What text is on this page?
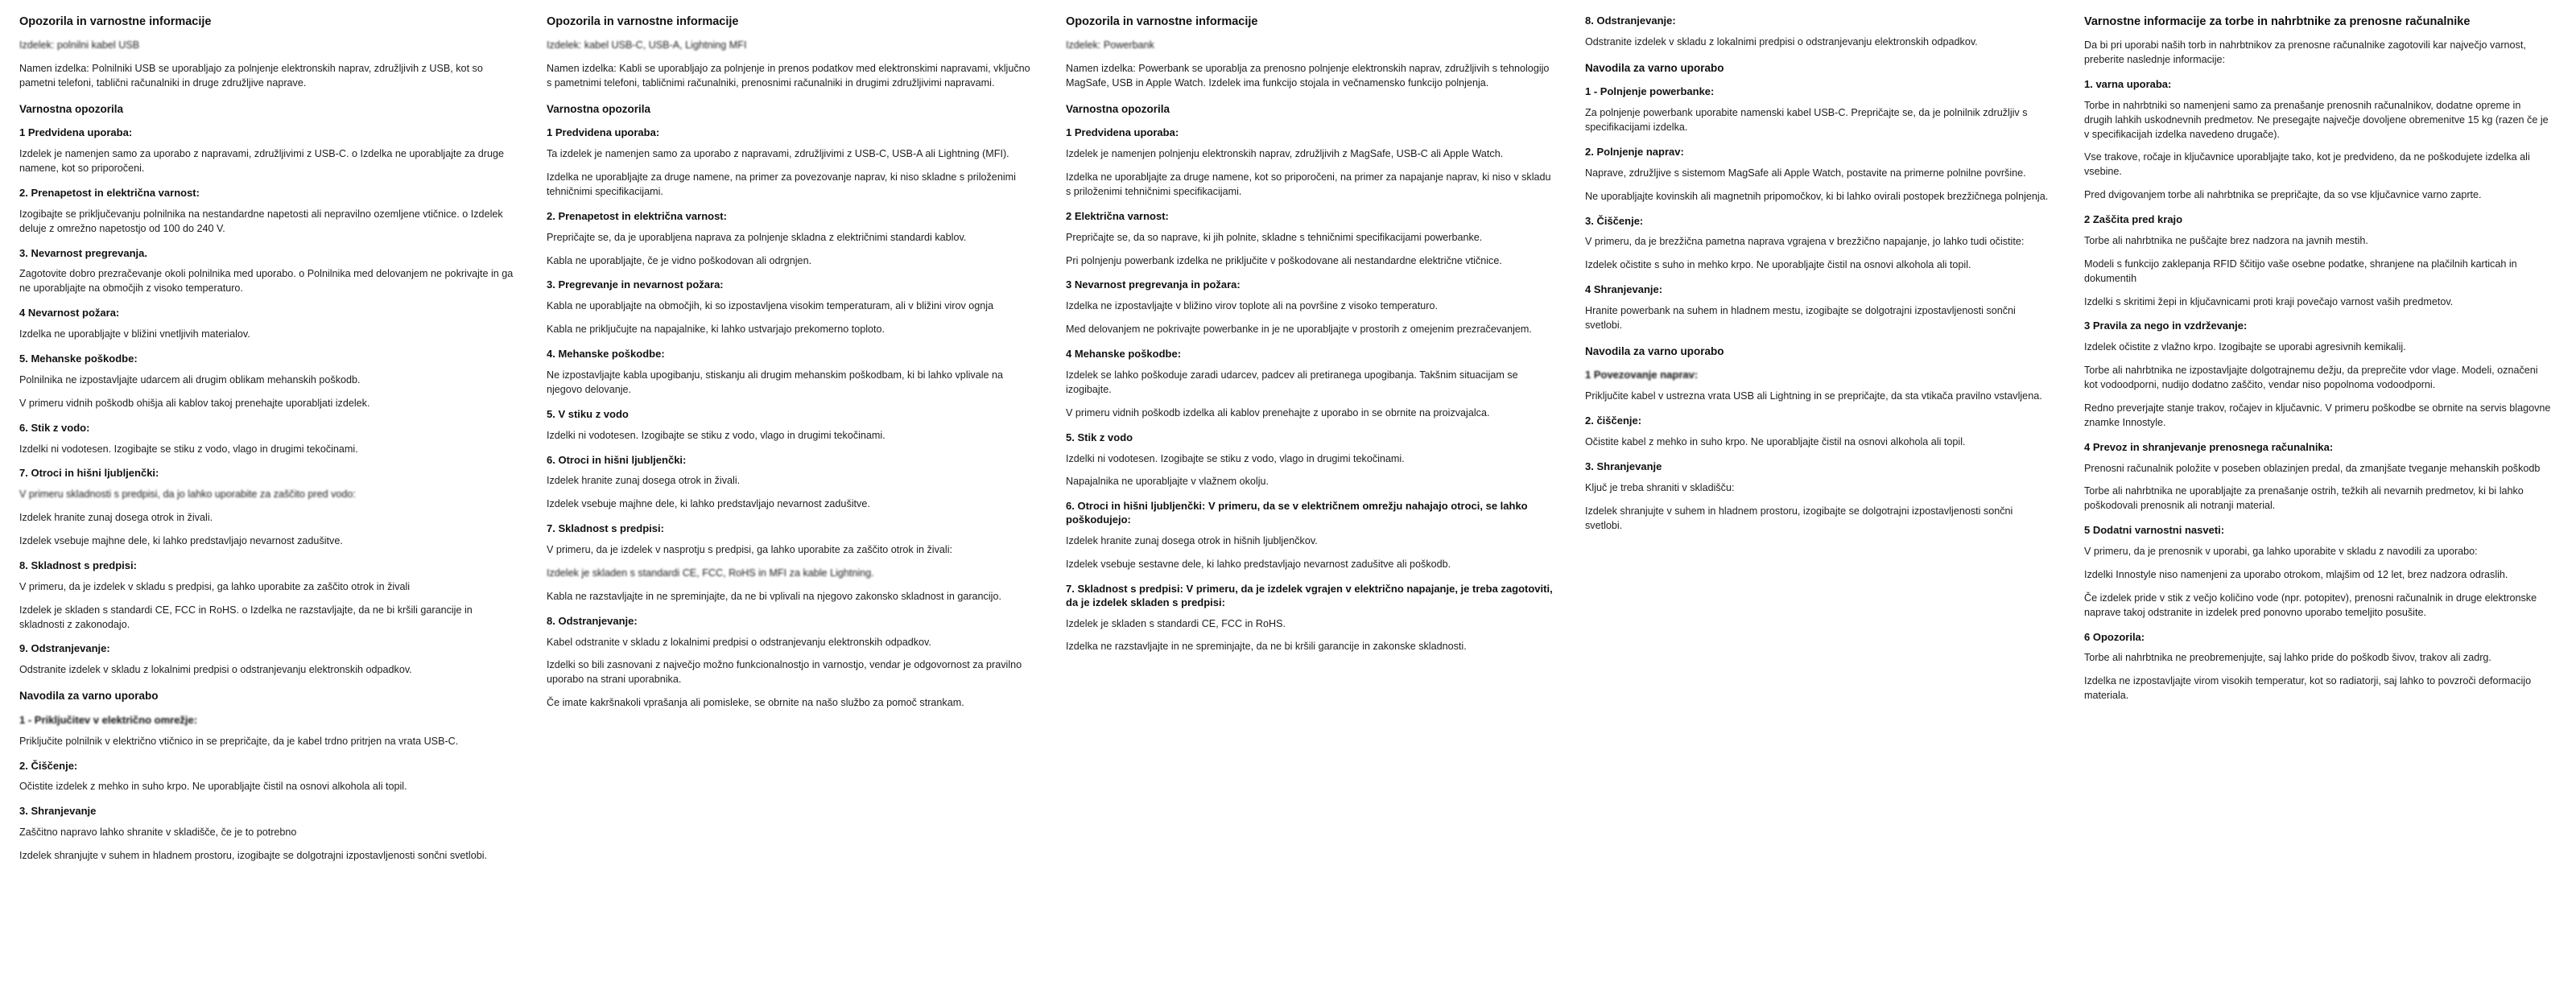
Opozorila in varnostne informacije

Izdelek: polnilni kabel USB

Namen izdelka: Polnilniki USB se uporabljajo za polnjenje elektronskih naprav, združljivih z USB, kot so pametni telefoni, tablični računalniki in druge združljive naprave.

Varnostna opozorila
1 Predvidena uporaba:

Izdelek je namenjen samo za uporabo z napravami, združljivimi z USB-C. o Izdelka ne uporabljajte za druge namene, kot so priporočeni.

2. Prenapetost in električna varnost:

Izogibajte se priključevanju polnilnika na nestandardne napetosti ali nepravilno ozemljene vtičnice. o Izdelek deluje z omrežno napetostjo od 100 do 240 V.

3. Nevarnost pregrevanja.

Zagotovite dobro prezračevanje okoli polnilnika med uporabo. o Polnilnika med delovanjem ne pokrivajte in ga ne uporabljajte na območjih z visoko temperaturo.

4 Nevarnost požara:

Izdelka ne uporabljajte v bližini vnetljivih materialov.

5. Mehanske poškodbe:

Polnilnika ne izpostavljajte udarcem ali drugim oblikam mehanskih poškodb.

V primeru vidnih poškodb ohišja ali kablov takoj prenehajte uporabljati izdelek.

6. Stik z vodo:

Izdelki ni vodotesen. Izogibajte se stiku z vodo, vlago in drugimi tekočinami.

7. Otroci in hišni ljubljenčki:

V primeru skladnosti s predpisi, da jo lahko uporabite za zaščito pred vodo:

Izdelek hranite zunaj dosega otrok in živali.

Izdelek vsebuje majhne dele, ki lahko predstavljajo nevarnost zadušitve.

8. Skladnost s predpisi:

V primeru, da je izdelek v skladu s predpisi, ga lahko uporabite za zaščito otrok in živali

Izdelek je skladen s standardi CE, FCC in RoHS. o Izdelka ne razstavljajte, da ne bi kršili garancije in skladnosti z zakonodajo.

9. Odstranjevanje:

Odstranite izdelek v skladu z lokalnimi predpisi o odstranjevanju elektronskih odpadkov.

Navodila za varno uporabo
1 - Priključitev v električno omrežje:

Priključite polnilnik v električno vtičnico in se prepričajte, da je kabel trdno pritrjen na vrata USB-C.

2. Čiščenje:

Očistite izdelek z mehko in suho krpo. Ne uporabljajte čistil na osnovi alkohola ali topil.

3. Shranjevanje

Zaščitno napravo lahko shranite v skladišče, če je to potrebno

Izdelek shranjujte v suhem in hladnem prostoru, izogibajte se dolgotrajni izpostavljenosti sončni svetlobi.

Opozorila in varnostne informacije

Izdelek: kabel USB-C, USB-A, Lightning MFI

Namen izdelka: Kabli se uporabljajo za polnjenje in prenos podatkov med elektronskimi napravami, vključno s pametnimi telefoni, tabličnimi računalniki, prenosnimi računalniki in drugimi združljivimi napravami.

Varnostna opozorila
1 Predvidena uporaba:

Ta izdelek je namenjen samo za uporabo z napravami, združljivimi z USB-C, USB-A ali Lightning (MFI).

Izdelka ne uporabljajte za druge namene, na primer za povezovanje naprav, ki niso skladne s priloženimi tehničnimi specifikacijami.

2. Prenapetost in električna varnost:

Prepričajte se, da je uporabljena naprava za polnjenje skladna z električnimi standardi kablov.

Kabla ne uporabljajte, če je vidno poškodovan ali odrgnjen.

3. Pregrevanje in nevarnost požara:

Kabla ne uporabljajte na območjih, ki so izpostavljena visokim temperaturam, ali v bližini virov ognja

Kabla ne priključujte na napajalnike, ki lahko ustvarjajo prekomerno toploto.

4. Mehanske poškodbe:

Ne izpostavljajte kabla upogibanju, stiskanju ali drugim mehanskim poškodbam, ki bi lahko vplivale na njegovo delovanje.

5. V stiku z vodo

Izdelki ni vodotesen. Izogibajte se stiku z vodo, vlago in drugimi tekočinami.

6. Otroci in hišni ljubljenčki:

Izdelek hranite zunaj dosega otrok in živali.

Izdelek vsebuje majhne dele, ki lahko predstavljajo nevarnost zadušitve.

7. Skladnost s predpisi:

V primeru, da je izdelek v nasprotju s predpisi, ga lahko uporabite za zaščito otrok in živali:

Izdelek je skladen s standardi CE, FCC, RoHS in MFI za kable Lightning.

Kabla ne razstavljajte in ne spreminjajte, da ne bi vplivali na njegovo zakonsko skladnost in garancijo.

8. Odstranjevanje:

Kabel odstranite v skladu z lokalnimi predpisi o odstranjevanju elektronskih odpadkov.

Izdelki so bili zasnovani z največjo možno funkcionalnostjo in varnostjo, vendar je odgovornost za pravilno uporabo na strani uporabnika.

Če imate kakršnakoli vprašanja ali pomisleke, se obrnite na našo službo za pomoč strankam.

Opozorila in varnostne informacije

Izdelek: Powerbank

Namen izdelka: Powerbank se uporablja za prenosno polnjenje elektronskih naprav, združljivih s tehnologijo MagSafe, USB in Apple Watch. Izdelek ima funkcijo stojala in večnamensko funkcijo polnjenja.

Varnostna opozorila
1 Predvidena uporaba:

Izdelek je namenjen polnjenju elektronskih naprav, združljivih z MagSafe, USB-C ali Apple Watch.

Izdelka ne uporabljajte za druge namene, kot so priporočeni, na primer za napajanje naprav, ki niso v skladu s priloženimi tehničnimi specifikacijami.

2 Električna varnost:

Prepričajte se, da so naprave, ki jih polnite, skladne s tehničnimi specifikacijami powerbanke.

Pri polnjenju powerbank izdelka ne priključite v poškodovane ali nestandardne električne vtičnice.

3 Nevarnost pregrevanja in požara:

Izdelka ne izpostavljajte v bližino virov toplote ali na površine z visoko temperaturo.

Med delovanjem ne pokrivajte powerbanke in je ne uporabljajte v prostorih z omejenim prezračevanjem.

4 Mehanske poškodbe:

Izdelek se lahko poškoduje zaradi udarcev, padcev ali pretiranega upogibanja. Takšnim situacijam se izogibajte.

V primeru vidnih poškodb izdelka ali kablov prenehajte z uporabo in se obrnite na proizvajalca.

5. Stik z vodo

Izdelki ni vodotesen. Izogibajte se stiku z vodo, vlago in drugimi tekočinami.

Napajalnika ne uporabljajte v vlažnem okolju.

6. Otroci in hišni ljubljenčki: V primeru, da se v električnem omrežju nahajajo otroci, se lahko poškodujejo:

Izdelek hranite zunaj dosega otrok in hišnih ljubljenčkov.

Izdelek vsebuje sestavne dele, ki lahko predstavljajo nevarnost zadušitve ali poškodb.

7. Skladnost s predpisi: V primeru, da je izdelek vgrajen v električno napajanje, je treba zagotoviti, da je izdelek skladen s predpisi:

Izdelek je skladen s standardi CE, FCC in RoHS.

Izdelka ne razstavljajte in ne spreminjajte, da ne bi kršili garancije in zakonske skladnosti.

8. Odstranjevanje:

Odstranite izdelek v skladu z lokalnimi predpisi o odstranjevanju elektronskih odpadkov.

Navodila za varno uporabo
1 - Polnjenje powerbanke:

Za polnjenje powerbank uporabite namenski kabel USB-C. Prepričajte se, da je polnilnik združljiv s specifikacijami izdelka.

2. Polnjenje naprav:

Naprave, združljive s sistemom MagSafe ali Apple Watch, postavite na primerne polnilne površine.

Ne uporabljajte kovinskih ali magnetnih pripomočkov, ki bi lahko ovirali postopek brezžičnega polnjenja.

3. Čiščenje:

V primeru, da je brezžična pametna naprava vgrajena v brezžično napajanje, jo lahko tudi očistite:

Izdelek očistite s suho in mehko krpo. Ne uporabljajte čistil na osnovi alkohola ali topil.

4 Shranjevanje:

Hranite powerbank na suhem in hladnem mestu, izogibajte se dolgotrajni izpostavljenosti sončni svetlobi.

Navodila za varno uporabo
1 Povezovanje naprav:

Priključite kabel v ustrezna vrata USB ali Lightning in se prepričajte, da sta vtikača pravilno vstavljena.

2. čiščenje:

Očistite kabel z mehko in suho krpo. Ne uporabljajte čistil na osnovi alkohola ali topil.

3. Shranjevanje

Ključ je treba shraniti v skladišču:

Izdelek shranjujte v suhem in hladnem prostoru, izogibajte se dolgotrajni izpostavljenosti sončni svetlobi.

Varnostne informacije za torbe in nahrbtnike za prenosne računalnike

Da bi pri uporabi naših torb in nahrbtnikov za prenosne računalnike zagotovili kar največjo varnost, preberite naslednje informacije:

1. varna uporaba:

Torbe in nahrbtniki so namenjeni samo za prenašanje prenosnih računalnikov, dodatne opreme in drugih lahkih uskodnevnih predmetov. Ne presegajte največje dovoljene obremenitve 15 kg (razen če je v specifikacijah izdelka navedeno drugače).

Vse trakove, ročaje in ključavnice uporabljajte tako, kot je predvideno, da ne poškodujete izdelka ali vsebine.

Pred dvigovanjem torbe ali nahrbtnika se prepričajte, da so vse ključavnice varno zaprte.

2 Zaščita pred krajo

Torbe ali nahrbtnika ne puščajte brez nadzora na javnih mestih.

Modeli s funkcijo zaklepanja RFID ščitijo vaše osebne podatke, shranjene na plačilnih karticah in dokumentih

Izdelki s skritimi žepi in ključavnicami proti kraji povečajo varnost vaših predmetov.

3 Pravila za nego in vzdrževanje:

Izdelek očistite z vlažno krpo. Izogibajte se uporabi agresivnih kemikalij.

Torbe ali nahrbtnika ne izpostavljajte dolgotrajnemu dežju, da preprečite vdor vlage. Modeli, označeni kot vodoodporni, nudijo dodatno zaščito, vendar niso popolnoma vodoodporni.

Redno preverjajte stanje trakov, ročajev in ključavnic. V primeru poškodbe se obrnite na servis blagovne znamke Innostyle.

4 Prevoz in shranjevanje prenosnega računalnika:

Prenosni računalnik položite v poseben oblazinjen predal, da zmanjšate tveganje mehanskih poškodb

Torbe ali nahrbtnika ne uporabljajte za prenašanje ostrih, težkih ali nevarnih predmetov, ki bi lahko poškodovali prenosnik ali notranji material.

5 Dodatni varnostni nasveti:

V primeru, da je prenosnik v uporabi, ga lahko uporabite v skladu z navodili za uporabo:

Izdelki Innostyle niso namenjeni za uporabo otrokom, mlajšim od 12 let, brez nadzora odraslih.

Če izdelek pride v stik z večjo količino vode (npr. potopitev), prenosni računalnik in druge elektronske naprave takoj odstranite in izdelek pred ponovno uporabo temeljito posušite.

6 Opozorila:

Torbe ali nahrbtnika ne preobremenjujte, saj lahko pride do poškodb šivov, trakov ali zadrg.

Izdelka ne izpostavljajte virom visokih temperatur, kot so radiatorji, saj lahko to povzroči deformacijo materiala.
